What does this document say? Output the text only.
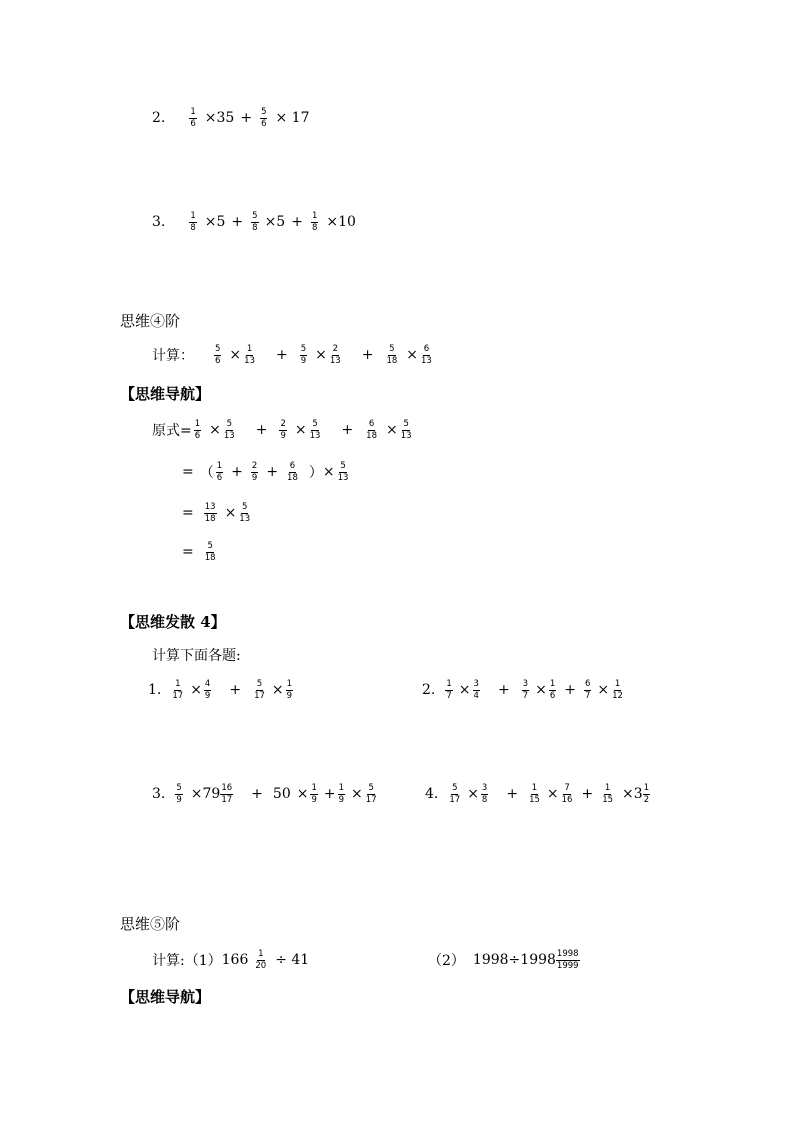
2.	$\frac{1}{6} \times 35 + \frac{5}{6} \times 17$
3.	$\frac{1}{8} \times 5 + \frac{5}{8} \times 5 + \frac{1}{8} \times 10$
思维④阶
计算： $\frac{5}{6} \times \frac{1}{13} + \frac{5}{9} \times \frac{2}{13} + \frac{5}{18} \times \frac{6}{13}$
【思维导航】
原式= $\frac{1}{6} \times \frac{5}{13} + \frac{2}{9} \times \frac{5}{13} + \frac{6}{18} \times \frac{5}{13}$
= （ $\frac{1}{6} + \frac{2}{9} + \frac{6}{18}$ ） × $\frac{5}{13}$
= $\frac{13}{18} \times \frac{5}{13}$
= $\frac{5}{18}$
【思维发散 4】
计算下面各题:
1. $\frac{1}{17} \times \frac{4}{9} + \frac{5}{17} \times \frac{1}{9}$	2. $\frac{1}{7} \times \frac{3}{4} + \frac{3}{7} \times \frac{1}{6} + \frac{6}{7} \times \frac{1}{12}$
3. $\frac{5}{9} \times 79 \frac{16}{17} + 50 \times \frac{1}{9} + \frac{1}{9} \times \frac{5}{17}$	4. $\frac{5}{17} \times \frac{3}{8} + \frac{1}{15} \times \frac{7}{16} + \frac{1}{15} \times 3 \frac{1}{2}$
思维⑤阶
计算: （1） $166 \frac{1}{20} \div 41$	（2） $1998\div 1998 \frac{1998}{1999}$
【思维导航】
